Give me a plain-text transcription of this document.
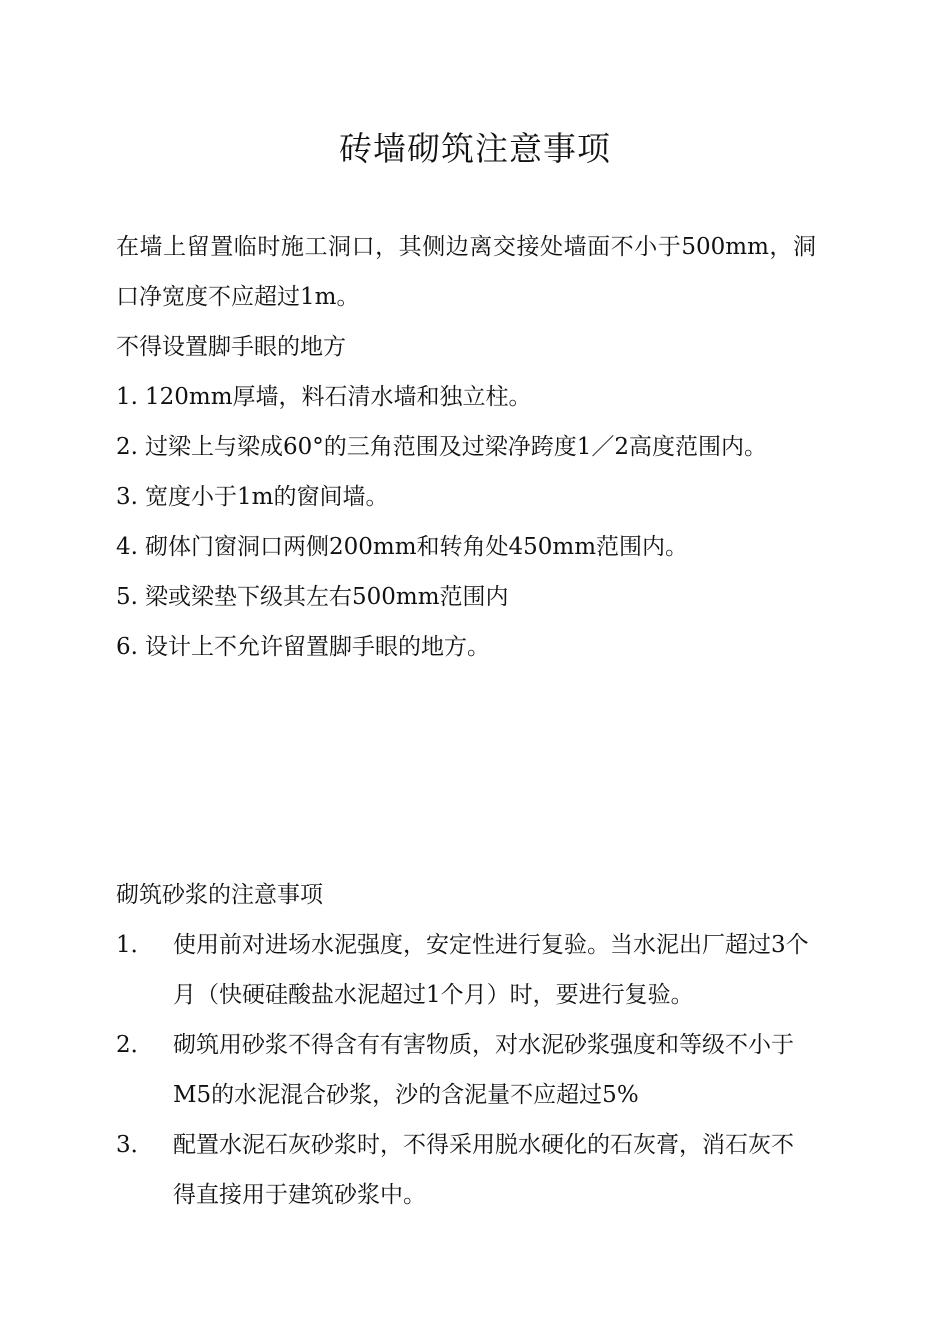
砖墙砌筑注意事项

在墙上留置临时施工洞口，其侧边离交接处墙面不小于500mm，洞口净宽度不应超过1m。

不得设置脚手眼的地方

1. 120mm厚墙，料石清水墙和独立柱。
2. 过梁上与梁成60°的三角范围及过梁净跨度1／2高度范围内。
3. 宽度小于1m的窗间墙。
4. 砌体门窗洞口两侧200mm和转角处450mm范围内。
5. 梁或梁垫下级其左右500mm范围内
6. 设计上不允许留置脚手眼的地方。

砌筑砂浆的注意事项

1． 使用前对进场水泥强度，安定性进行复验。当水泥出厂超过3个月（快硬硅酸盐水泥超过1个月）时，要进行复验。
2． 砌筑用砂浆不得含有有害物质，对水泥砂浆强度和等级不小于M5的水泥混合砂浆，沙的含泥量不应超过5%
3． 配置水泥石灰砂浆时，不得采用脱水硬化的石灰膏，消石灰不得直接用于建筑砂浆中。
